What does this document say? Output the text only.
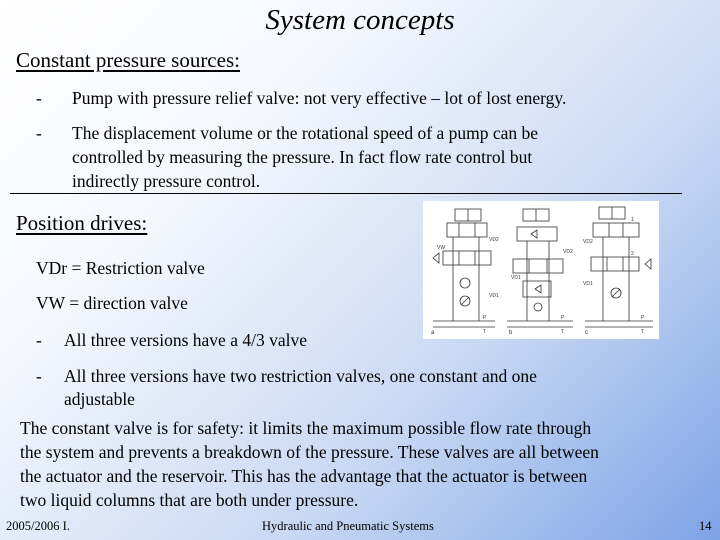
System concepts
Constant pressure sources:
- Pump with pressure relief valve: not very effective – lot of lost energy.
- The displacement volume or the rotational speed of a pump can be
controlled by measuring the pressure. In fact flow rate control but
indirectly pressure control.
Position drives:
VDr = Restriction valve
VW = direction valve
- All three versions have a 4/3 valve
- All three versions have two restriction valves, one constant and one
adjustable
The constant valve is for safety: it limits the maximum possible flow rate through
the system and prevents a breakdown of the pressure. These valves are all between
the actuator and the reservoir. This has the advantage that the actuator is between
two liquid columns that are both under pressure.
a
P
T
VD2
VD1
VW
b
P
T
VD2
VD1
c
P
T
VD2
VD1
1
2
2005/2006 I.	Hydraulic and Pneumatic Systems	14
